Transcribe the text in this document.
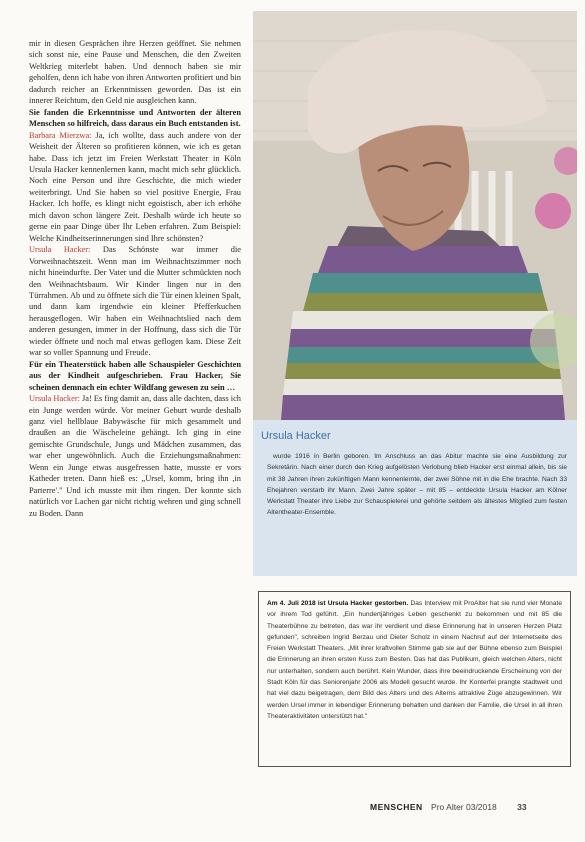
mir in diesen Gesprächen ihre Herzen geöffnet. Sie nehmen sich sonst nie, eine Pause und Menschen, die den Zweiten Weltkrieg miterlebt haben. Und dennoch haben sie mir geholfen, denn ich habe von ihren Antworten profitiert und bin dadurch reicher an Erkenntnissen geworden. Das ist ein innerer Reichtum, den Geld nie ausgleichen kann.

Sie fanden die Erkenntnisse und Antworten der älteren Menschen so hilfreich, dass daraus ein Buch entstanden ist.

Barbara Mierzwa: Ja, ich wollte, dass auch andere von der Weisheit der Älteren so profitieren können, wie ich es getan habe. Dass ich jetzt im Freien Werkstatt Theater in Köln Ursula Hacker kennenlernen kann, macht mich sehr glücklich. Noch eine Person und ihre Geschichte, die mich wieder weiterbringt. Und Sie haben so viel positive Energie, Frau Hacker. Ich hoffe, es klingt nicht egoistisch, aber ich erhöhe mich davon schon längere Zeit. Deshalb würde ich heute so gerne ein paar Dinge über Ihr Leben erfahren. Zum Beispiel: Welche Kindheitserinnerungen sind Ihre schönsten?

Ursula Hacker: Das Schönste war immer die Vorweihnachtszeit. Wenn man im Weihnachtszimmer noch nicht hineindurfte. Der Vater und die Mutter schmückten noch den Weihnachtsbaum. Wir Kinder lingen nur in den Türrahmen. Ab und zu öffnete sich die Tür einen kleinen Spalt, und dann kam irgendwie ein kleiner Pfefferkuchen herausgeflogen. Wir haben ein Weihnachtslied nach dem anderen gesungen, immer in der Hoffnung, dass sich die Tür wieder öffnete und noch mal etwas geflogen kam. Diese Zeit war so voller Spannung und Freude.

Für ein Theaterstück haben alle Schauspieler Geschichten aus der Kindheit aufgeschrieben. Frau Hacker, Sie scheinen demnach ein echter Wildfang gewesen zu sein …

Ursula Hacker: Ja! Es fing damit an, dass alle dachten, dass ich ein Junge werden würde. Vor meiner Geburt wurde deshalb ganz viel hellblaue Babywäsche für mich gesammelt und draußen an die Wäscheleine gehängt. Ich ging in eine gemischte Grundschule, Jungs und Mädchen zusammen, das war eher ungewöhnlich. Auch die Erziehungsmaßnahmen: Wenn ein Junge etwas ausgefressen hatte, musste er vors Katheder treten. Dann hieß es: „Ursel, komm, bring ihn ,in Parterre'." Und ich musste mit ihm ringen. Der konnte sich natürlich vor Lachen gar nicht richtig wehren und ging schnell zu Boden. Dann

Ursula Hacker
wurde 1916 in Berlin geboren. Im Anschluss an das Abitur machte sie eine Ausbildung zur Sekretärin. Nach einer durch den Krieg aufgelösten Verlobung blieb Hacker erst einmal allein, bis sie mit 38 Jahren ihren zukünftigen Mann kennenlernte, der zwei Söhne mit in die Ehe brachte. Nach 33 Ehejahren verstarb ihr Mann. Zwei Jahre später – mit 85 – entdeckte Ursula Hacker am Kölner Werkstatt Theater ihre Liebe zur Schauspielerei und gehörte seitdem als ältestes Mitglied zum festen Altentheater-Ensemble.
Am 4. Juli 2018 ist Ursula Hacker gestorben. Das Interview mit ProAlter hat sie rund vier Monate vor ihrem Tod geführt. „Ein hundertjähriges Leben geschenkt zu bekommen und mit 85 die Theaterbühne zu betreten, das war ihr verdient und diese Erinnerung hat in unseren Herzen Platz gefunden", schreiben Ingrid Berzau und Dieter Scholz in einem Nachruf auf der Internetseite des Freien Werkstatt Theaters. „Mit ihrer kraftvollen Stimme gab sie auf der Bühne ebenso zum Beispiel die Erinnerung an ihren ersten Kuss zum Besten. Das hat das Publikum, gleich welchen Alters, nicht nur unterhalten, sondern auch berührt. Kein Wunder, dass ihre beeindruckende Erscheinung von der Stadt Köln für das Seniorenjahr 2006 als Modell gesucht wurde. Ihr Konterfei prangte stadtweit und hat viel dazu beigetragen, dem Bild des Alters und des Alterns attraktive Züge abzugewinnen. Wir werden Ursel immer in lebendiger Erinnerung behalten und danken der Familie, die Ursel in all ihren Theateraktivitäten unterstützt hat."
MENSCHEN Pro Alter 03/2018 33
